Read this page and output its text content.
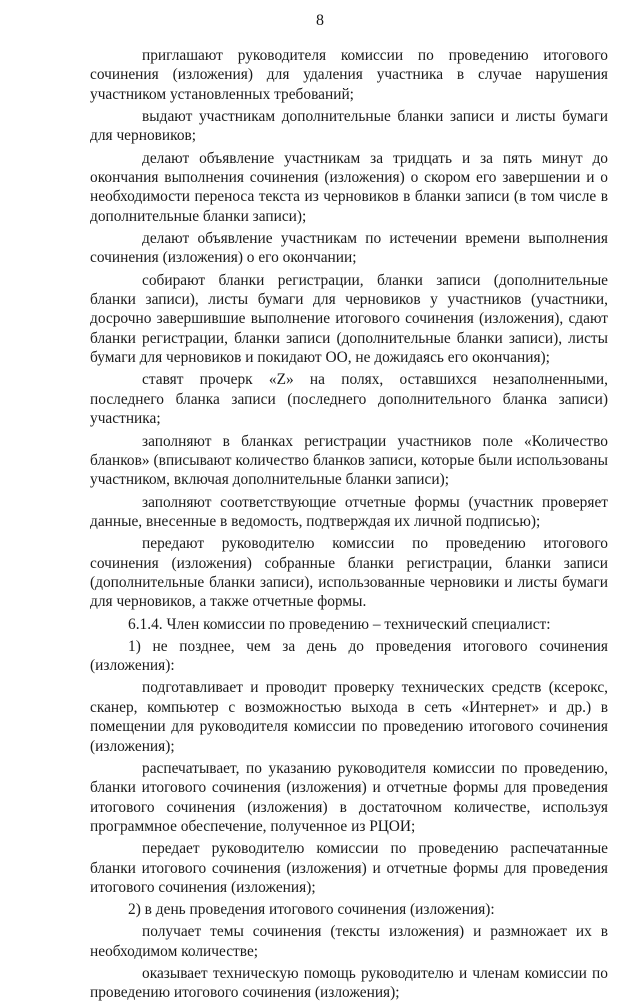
8

приглашают руководителя комиссии по проведению итогового сочинения (изложения) для удаления участника в случае нарушения участником установленных требований;

выдают участникам дополнительные бланки записи и листы бумаги для черновиков;

делают объявление участникам за тридцать и за пять минут до окончания выполнения сочинения (изложения) о скором его завершении и о необходимости переноса текста из черновиков в бланки записи (в том числе в дополнительные бланки записи);

делают объявление участникам по истечении времени выполнения сочинения (изложения) о его окончании;

собирают бланки регистрации, бланки записи (дополнительные бланки записи), листы бумаги для черновиков у участников (участники, досрочно завершившие выполнение итогового сочинения (изложения), сдают бланки регистрации, бланки записи (дополнительные бланки записи), листы бумаги для черновиков и покидают ОО, не дожидаясь его окончания);

ставят прочерк «Z» на полях, оставшихся незаполненными, последнего бланка записи (последнего дополнительного бланка записи) участника;

заполняют в бланках регистрации участников поле «Количество бланков» (вписывают количество бланков записи, которые были использованы участником, включая дополнительные бланки записи);

заполняют соответствующие отчетные формы (участник проверяет данные, внесенные в ведомость, подтверждая их личной подписью);

передают руководителю комиссии по проведению итогового сочинения (изложения) собранные бланки регистрации, бланки записи (дополнительные бланки записи), использованные черновики и листы бумаги для черновиков, а также отчетные формы.

6.1.4. Член комиссии по проведению – технический специалист:

1) не позднее, чем за день до проведения итогового сочинения (изложения):

подготавливает и проводит проверку технических средств (ксерокс, сканер, компьютер с возможностью выхода в сеть «Интернет» и др.) в помещении для руководителя комиссии по проведению итогового сочинения (изложения);

распечатывает, по указанию руководителя комиссии по проведению, бланки итогового сочинения (изложения) и отчетные формы для проведения итогового сочинения (изложения) в достаточном количестве, используя программное обеспечение, полученное из РЦОИ;

передает руководителю комиссии по проведению распечатанные бланки итогового сочинения (изложения) и отчетные формы для проведения итогового сочинения (изложения);

2) в день проведения итогового сочинения (изложения):

получает темы сочинения (тексты изложения) и размножает их в необходимом количестве;

оказывает техническую помощь руководителю и членам комиссии по проведению итогового сочинения (изложения);
